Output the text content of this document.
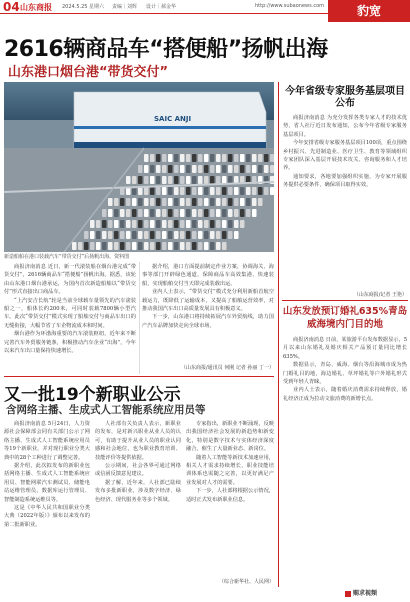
04 山东商报 2024.5.25 星期六 责编｜刘辉 设计｜郝金华	http://www.subaonews.com	豹宽
2616辆商品车“搭便船”扬帆出海
山东港口烟台港“带货交付”
SAIC ANJI
新造船舶在港口装载汽车“带货交付”后扬帆出海。资料图

商报济南消息 近日，新一代滚装船在烟台港完成“带货交付”，2616辆商品车“搭便船”扬帆出海。据悉，该轮由山东港口烟台港承运，为国内首次新造船舶以“带货交付”形式直接出口商品车。

“上汽安吉长航”轮是当前全球载车量领先的汽车滚装船之一，船体长约200米，可同时装载7800辆小型汽车。此次“带货交付”模式实现了船舶交付与商品车出口的无缝衔接，大幅节省了车企物流成本和时间。

烟台港作为环渤海重要的汽车滚装枢纽，近年来不断完善汽车外贸服务链条，积极推动汽车企业“出海”，今年以来汽车出口量保持快速增长。

据介绍，港口方面提前制定作业方案，协调海关、海事等部门开辟绿色通道，保障商品车高效集港、快速装船，实现船舶交付当天即完成装载出运。

业内人士表示，“带货交付”模式充分利用新船首航空载运力，既降低了运输成本，又提高了船舶运营效率，对推动我国汽车出口高质量发展具有积极意义。

下一步，山东港口将持续拓展汽车外贸航线，助力国产汽车品牌加快走向全球市场。

（山东商报/通讯员 何刚 记者 孙丽 丁一）
今年省级专家服务基层项目公布

商报济南消息 为充分发挥各类专家人才的技术优势，省人社厅近日发布通知，公布今年省级专家服务基层项目。

今年安排省级专家服务基层项目100项，重点围绕乡村振兴、先进制造业、医疗卫生、教育等领域组织专家团队深入基层开展技术攻关、咨询服务和人才培养。

通知要求，各地要加强组织实施，为专家开展服务提供必要条件，确保项目取得实效。

（山东商报/记者 王艳）
山东发放预订婚礼635%青岛威海境内门目的地

商报济南消息 日前，某旅游平台发布数据显示，5月以来山东婚礼及婚庆相关产品预订量同比增长635%。

数据显示，青岛、威海、烟台等沿海城市成为热门婚礼目的地，海边婚礼、草坪婚礼等户外婚礼形式受到年轻人青睐。

业内人士表示，随着婚庆消费需求持续释放，婚礼经济正成为拉动文旅消费的新增长点。

又一批19个新职业公示
含网络主播、生成式人工智能系统应用员等

商报济南消息 5月24日，人力资源社会保障部会同有关部门公示了网络主播、生成式人工智能系统应用员等19个新职业，并对现行职业分类大典中的28个工种进行了调整完善。

据介绍，此次拟发布的新职业包括网络主播、生成式人工智能系统应用员、智能网联汽车测试员、储能电站运维管理员、数据库运行管理员、智能制造系统运维员等。

这是《中华人民共和国职业分类大典（2022年版）》颁布以来发布的第二批新职业。

人社部有关负责人表示，新职业的发布，是对新兴职业从业人员的认可，有助于提升从业人员的职业认同感和社会地位，也为职业教育培训、技能评价等提供依据。

公示期间，社会各界可通过网络或信函反馈意见建议。

据了解，近年来，人社部已陆续发布多批新职业，涉及数字经济、绿色经济、现代服务业等多个领域。

专家指出，新职业不断涌现，反映出我国经济社会发展的新趋势和新变化，特别是数字技术与实体经济深度融合，催生了大量新业态、新岗位。

随着人工智能等新技术加速应用，相关人才需求持续增长，职业技能培训体系也需随之完善，以更好满足产业发展对人才的需要。

下一步，人社部将根据公示情况，适时正式发布新职业信息。

（综合新华社、人民网）
赐求视频
